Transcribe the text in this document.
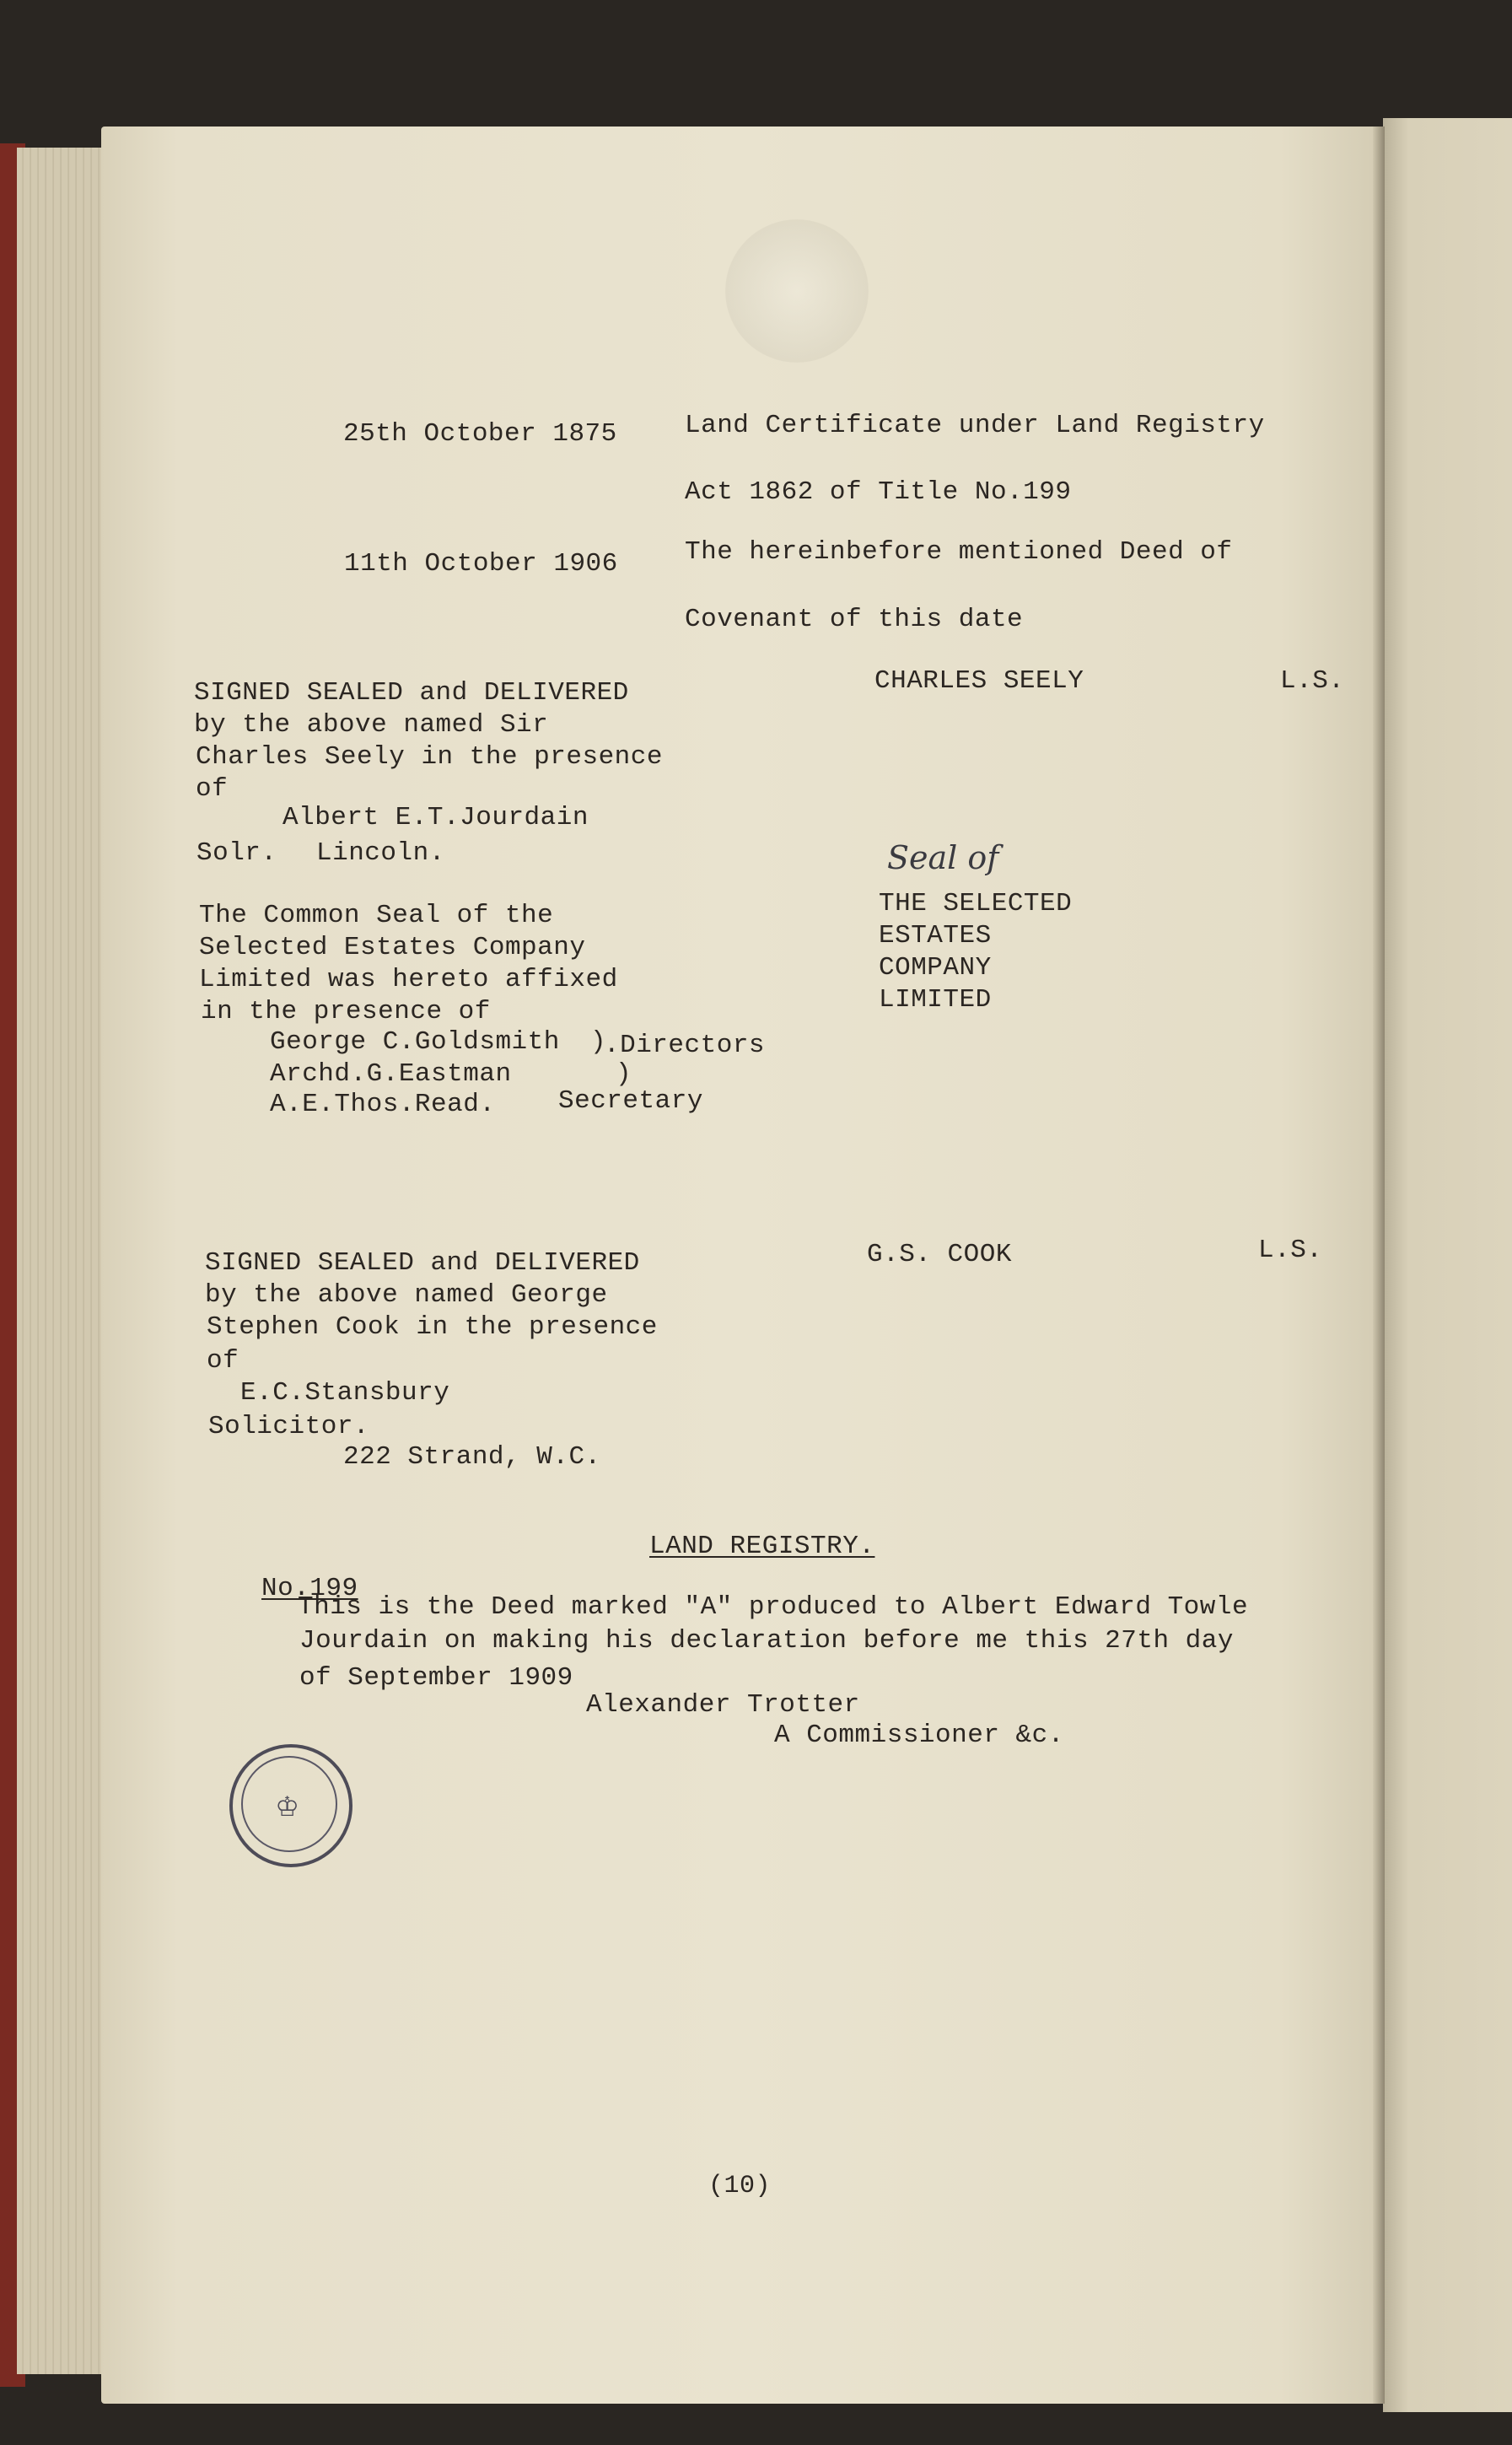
25th October 1875	Land Certificate under Land Registry
Act 1862 of Title No.199
11th October 1906	The hereinbefore mentioned Deed of
Covenant of this date
SIGNED SEALED and DELIVERED
by the above named Sir
Charles Seely in the presence
of
Albert E.T.Jourdain
Solr. Lincoln.
CHARLES SEELY	L.S.
The Common Seal of the
Selected Estates Company
Limited was hereto affixed
in the presence of
George C.Goldsmith
Archd.G.Eastman
)
)
.Directors
A.E.Thos.Read. Secretary
Seal of
THE SELECTED
ESTATES
COMPANY
LIMITED
SIGNED SEALED and DELIVERED
by the above named George
Stephen Cook in the presence
of
E.C.Stansbury
Solicitor.
222 Strand, W.C.
G.S. COOK	L.S.
LAND REGISTRY.
No.199
This is the Deed marked "A" produced to Albert Edward Towle
Jourdain on making his declaration before me this 27th day
of September 1909
Alexander Trotter
A Commissioner &c.
♔
(10)
